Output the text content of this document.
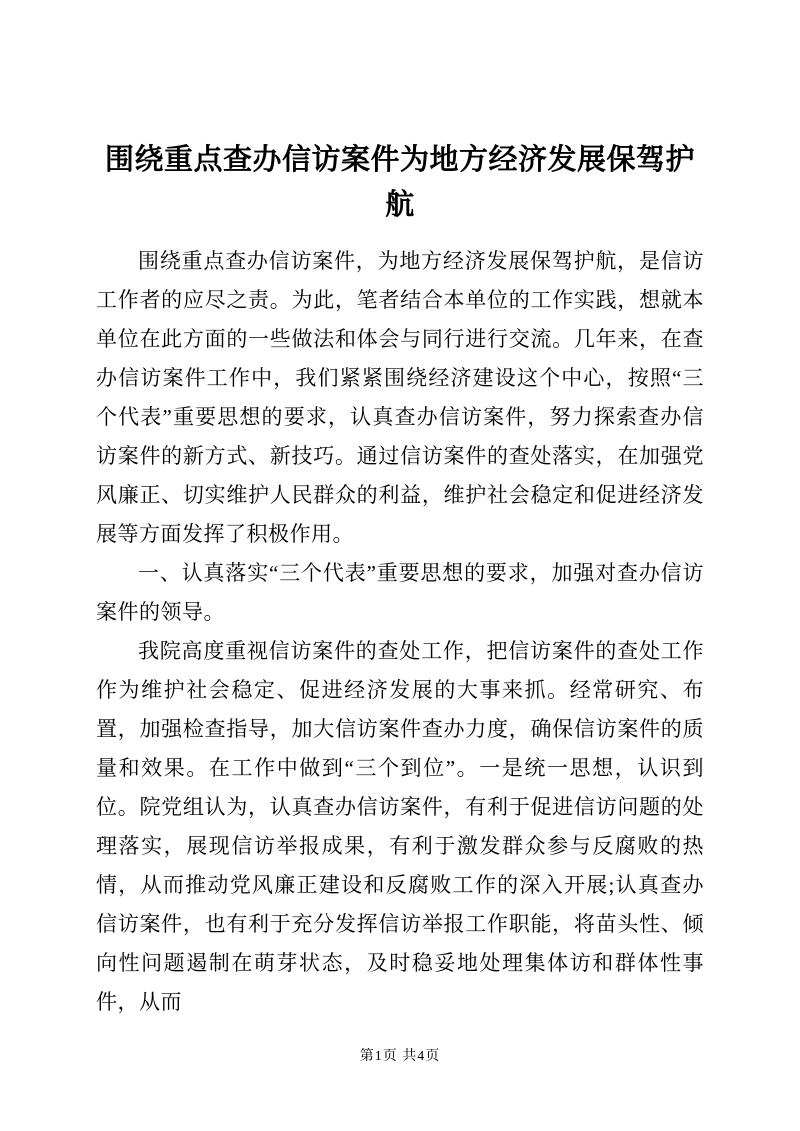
围绕重点查办信访案件为地方经济发展保驾护航

围绕重点查办信访案件，为地方经济发展保驾护航，是信访工作者的应尽之责。为此，笔者结合本单位的工作实践，想就本单位在此方面的一些做法和体会与同行进行交流。几年来，在查办信访案件工作中，我们紧紧围绕经济建设这个中心，按照“三个代表”重要思想的要求，认真查办信访案件，努力探索查办信访案件的新方式、新技巧。通过信访案件的查处落实，在加强党风廉正、切实维护人民群众的利益，维护社会稳定和促进经济发展等方面发挥了积极作用。

一、认真落实“三个代表”重要思想的要求，加强对查办信访案件的领导。

我院高度重视信访案件的查处工作，把信访案件的查处工作作为维护社会稳定、促进经济发展的大事来抓。经常研究、布置，加强检查指导，加大信访案件查办力度，确保信访案件的质量和效果。在工作中做到“三个到位”。一是统一思想，认识到位。院党组认为，认真查办信访案件，有利于促进信访问题的处理落实，展现信访举报成果，有利于激发群众参与反腐败的热情，从而推动党风廉正建设和反腐败工作的深入开展;认真查办信访案件，也有利于充分发挥信访举报工作职能，将苗头性、倾向性问题遏制在萌芽状态，及时稳妥地处理集体访和群体性事件，从而

第1页 共4页
